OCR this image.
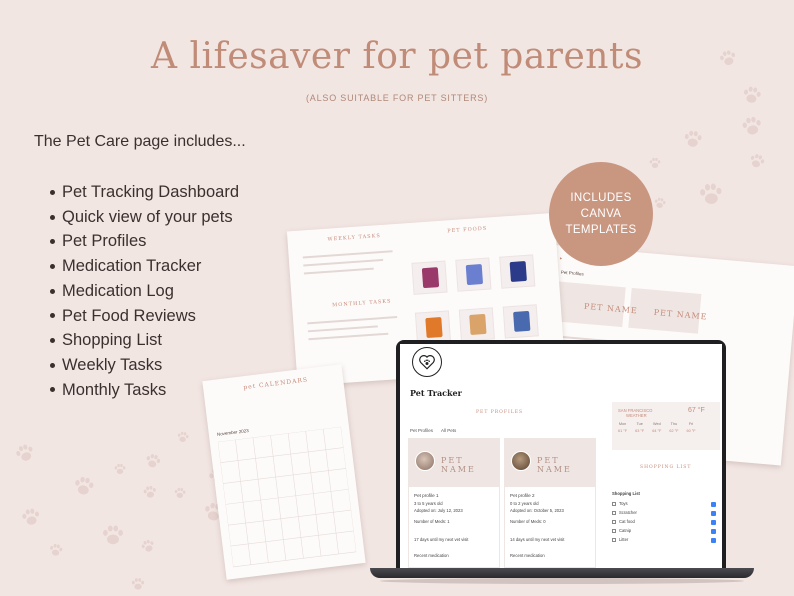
A lifesaver for pet parents
(ALSO SUITABLE FOR PET SITTERS)
The Pet Care page includes...
Pet Tracking Dashboard
Quick view of your pets
Pet Profiles
Medication Tracker
Medication Log
Pet Food Reviews
Shopping List
Weekly Tasks
Monthly Tasks
▸
Pet Profiles
PET NAME PET NAME
WEEKLY TASKS
PET FOODS
MONTHLY TASKS
pet CALENDARS
November 2023
INCLUDES CANVA TEMPLATES
Pet Tracker
PET PROFILES
Pet Profiles All Pets
PET NAME
Pet profile 1
3 to 5 years old
Adopted on: July 12, 2023
Number of Meds: 1
17 days until my next vet visit
Recent medication
PET NAME
Pet profile 2
0 to 2 years old
Adopted on: October 5, 2023
Number of Meds: 0
14 days until my next vet visit
Recent medication
SAN FRANCISCO
WEATHER
67 °F
Mon
61 °F
Tue
63 °F
Wed
64 °F
Thu
62 °F
Fri
60 °F
SHOPPING LIST
Shopping List
Toys
Scratcher
Cat food
Catnip
Litter
